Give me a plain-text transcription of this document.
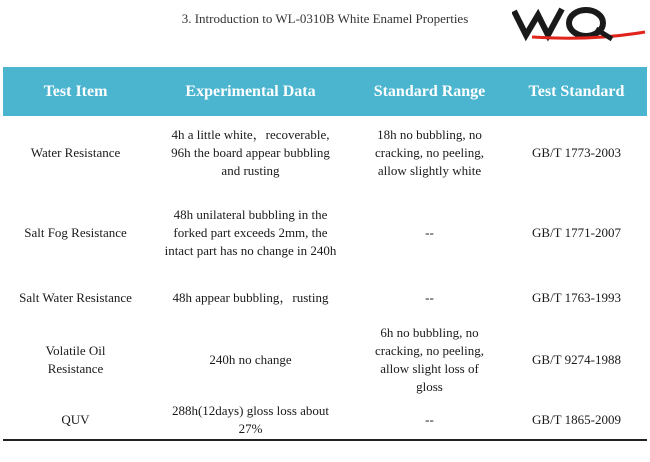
3. Introduction to WL-0310B White Enamel Properties
Test Item	Experimental Data	Standard Range	Test Standard

Water Resistance	4h a little white，recoverable,
96h the board appear bubbling
and rusting	18h no bubbling, no
cracking, no peeling,
allow slightly white	GB/T 1773-2003

Salt Fog Resistance	48h unilateral bubbling in the
forked part exceeds 2mm, the
intact part has no change in 240h	--	GB/T 1771-2007

Salt Water Resistance	48h appear bubbling，rusting	--	GB/T 1763-1993

Volatile Oil
Resistance	240h no change	6h no bubbling, no
cracking, no peeling,
allow slight loss of
gloss	GB/T 9274-1988

QUV	288h(12days) gloss loss about
27%	--	GB/T 1865-2009
